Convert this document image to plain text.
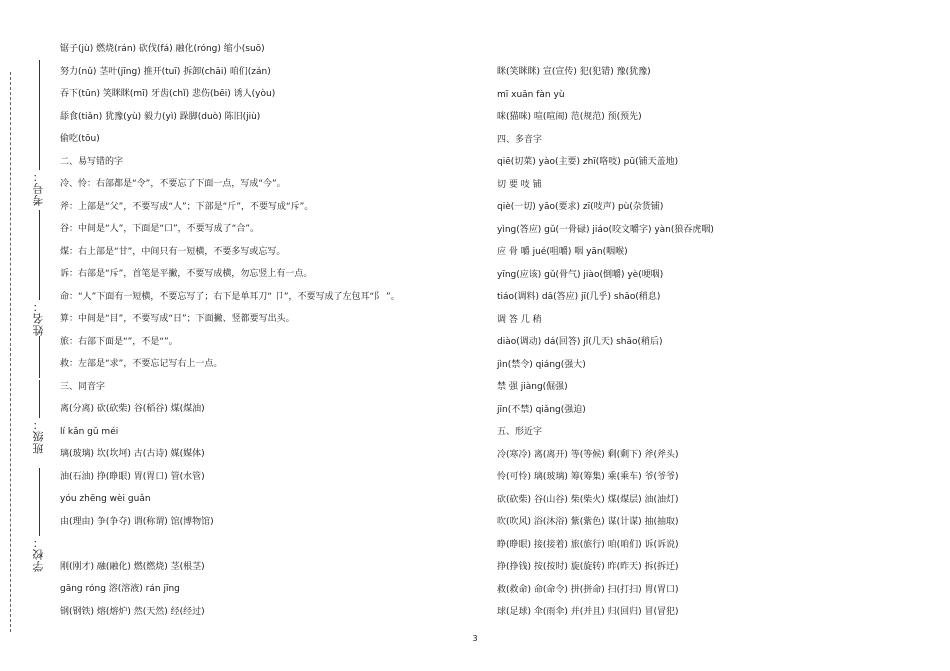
考号：
姓名：
班级：
学校：
锯子(jù) 燃烧(rán) 砍伐(fá) 融化(róng) 缩小(suō)
努力(nǔ) 茎叶(jīng) 推开(tuī) 拆卸(chāi) 咱们(zán)
吞下(tūn) 笑眯眯(mī) 牙齿(chǐ) 悲伤(bēi) 诱人(yòu)
舔食(tiǎn) 犹豫(yù) 毅力(yì) 跺脚(duò) 陈旧(jiù)
偷吃(tōu)
二、易写错的字
冷、怜：右部都是“令”，不要忘了下面一点，写成“今”。
斧：上部是“父”，不要写成“人”；下部是“斤”，不要写成“斥”。
谷：中间是“人”，下面是“口”，不要写成了“合”。
煤：右上部是“甘”，中间只有一短横，不要多写或忘写。
诉：右部是“斥”，首笔是平撇，不要写成横，勿忘竖上有一点。
命：“人”下面有一短横，不要忘写了；右下是单耳刀“ 卩”，不要写成了左包耳“阝 ”。
算：中间是“目”，不要写成“日”；下面撇、竖都要写出头。
旅：右部下面是“”，不是“”。
救：左部是“求”，不要忘记写右上一点。
三、同音字
离(分离) 砍(砍柴) 谷(稻谷) 煤(煤油)
lí kǎn gǔ méi
璃(玻璃) 坎(坎坷) 古(古诗) 媒(媒体)
油(石油) 挣(睁眼) 胃(胃口) 管(水管)
yóu zhēng wèi guǎn
由(理由) 争(争夺) 谓(称谓) 馆(博物馆)
刚(刚才) 融(融化) 燃(燃烧) 茎(根茎)
gāng róng 溶(溶液) rán jīng
钢(钢铁) 熔(熔炉) 然(天然) 经(经过)
眯(笑眯眯) 宣(宣传) 犯(犯错) 豫(犹豫)
mī xuān fàn yù
咪(猫咪) 喧(喧闹) 范(规范) 预(预先)
四、多音字
qiē(切菜) yào(主要) zhī(咯吱) pū(铺天盖地)
切 要 吱 铺
qiè(一切) yāo(要求) zī(吱声) pù(杂货铺)
yìng(答应) gǔ(一骨碌) jiáo(咬文嚼字) yàn(狼吞虎咽)
应 骨 嚼 jué(咀嚼) 咽 yān(咽喉)
yīng(应该) gǔ(骨气) jiào(倒嚼) yè(哽咽)
tiáo(调料) dā(答应) jī(几乎) shāo(稍息)
调 答 几 稍
diào(调动) dá(回答) jǐ(几天) shāo(稍后)
jìn(禁令) qiáng(强大)
禁 强 jiàng(倔强)
jīn(不禁) qiǎng(强迫)
五、形近字
冷(寒冷) 离(离开) 等(等候) 剩(剩下) 斧(斧头)
怜(可怜) 璃(玻璃) 筹(筹集) 乘(乘车) 爷(爷爷)
砍(砍柴) 谷(山谷) 柴(柴火) 煤(煤层) 油(油灯)
吹(吹风) 浴(沐浴) 紫(紫色) 谋(计谋) 抽(抽取)
睁(睁眼) 接(接着) 旅(旅行) 咱(咱们) 诉(诉说)
挣(挣钱) 按(按时) 旋(旋转) 昨(昨天) 拆(拆迁)
救(救命) 命(命令) 拼(拼命) 扫(打扫) 胃(胃口)
球(足球) 伞(雨伞) 并(并且) 归(回归) 冒(冒犯)
3
